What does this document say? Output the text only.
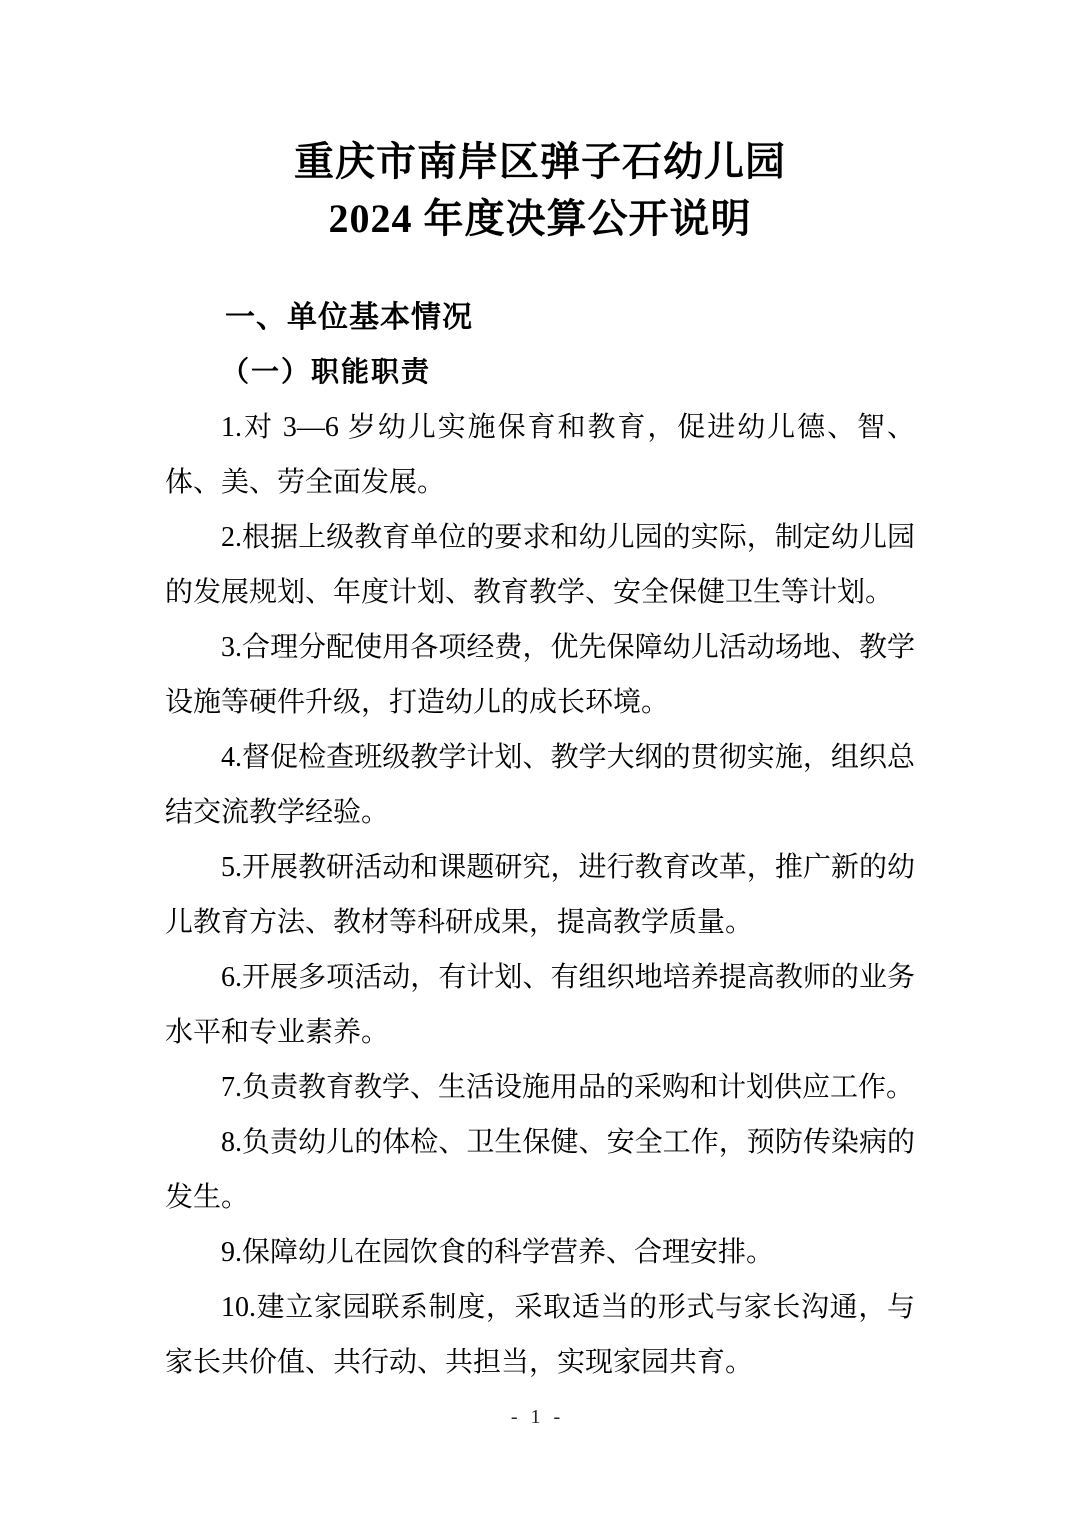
重庆市南岸区弹子石幼儿园
2024 年度决算公开说明
一、单位基本情况
（一）职能职责

1.对 3—6 岁幼儿实施保育和教育，促进幼儿德、智、体、美、劳全面发展。

2.根据上级教育单位的要求和幼儿园的实际，制定幼儿园的发展规划、年度计划、教育教学、安全保健卫生等计划。

3.合理分配使用各项经费，优先保障幼儿活动场地、教学设施等硬件升级，打造幼儿的成长环境。

4.督促检查班级教学计划、教学大纲的贯彻实施，组织总结交流教学经验。

5.开展教研活动和课题研究，进行教育改革，推广新的幼儿教育方法、教材等科研成果，提高教学质量。

6.开展多项活动，有计划、有组织地培养提高教师的业务水平和专业素养。

7.负责教育教学、生活设施用品的采购和计划供应工作。

8.负责幼儿的体检、卫生保健、安全工作，预防传染病的发生。

9.保障幼儿在园饮食的科学营养、合理安排。

10.建立家园联系制度，采取适当的形式与家长沟通，与家长共价值、共行动、共担当，实现家园共育。

- 1 -
